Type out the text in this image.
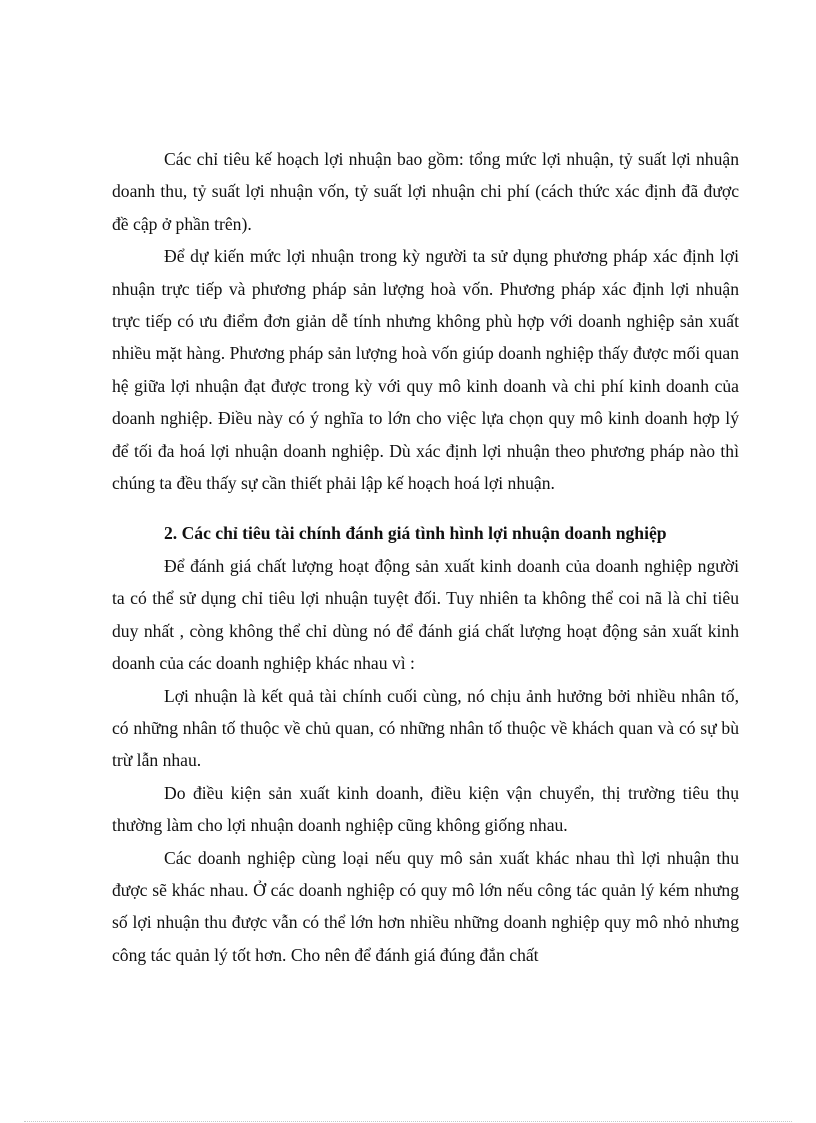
Các chỉ tiêu kế hoạch lợi nhuận bao gồm: tổng mức lợi nhuận, tỷ suất lợi nhuận doanh thu, tỷ suất lợi nhuận vốn, tỷ suất lợi nhuận chi phí (cách thức xác định đã được đề cập ở phần trên).

Để dự kiến mức lợi nhuận trong kỳ người ta sử dụng phương pháp xác định lợi nhuận trực tiếp và phương pháp sản lượng hoà vốn. Phương pháp xác định lợi nhuận trực tiếp có ưu điểm đơn giản dễ tính nhưng không phù hợp với doanh nghiệp sản xuất nhiều mặt hàng. Phương pháp sản lượng hoà vốn giúp doanh nghiệp thấy được mối quan hệ giữa lợi nhuận đạt được trong kỳ với quy mô kinh doanh và chi phí kinh doanh của doanh nghiệp. Điều này có ý nghĩa to lớn cho việc lựa chọn quy mô kinh doanh hợp lý để tối đa hoá lợi nhuận doanh nghiệp. Dù xác định lợi nhuận theo phương pháp nào thì chúng ta đều thấy sự cần thiết phải lập kế hoạch hoá lợi nhuận.

2. Các chỉ tiêu tài chính đánh giá tình hình lợi nhuận doanh nghiệp

Để đánh giá chất lượng hoạt động sản xuất kinh doanh của doanh nghiệp người ta có thể sử dụng chỉ tiêu lợi nhuận tuyệt đối. Tuy nhiên ta không thể coi nã là chỉ tiêu duy nhất , còng không thể chỉ dùng nó để đánh giá chất lượng hoạt động sản xuất kinh doanh của các doanh nghiệp khác nhau vì :

Lợi nhuận là kết quả tài chính cuối cùng, nó chịu ảnh hưởng bởi nhiều nhân tố, có những nhân tố thuộc về chủ quan, có những nhân tố thuộc về khách quan và có sự bù trừ lẫn nhau.

Do điều kiện sản xuất kinh doanh, điều kiện vận chuyển, thị trường tiêu thụ thường làm cho lợi nhuận doanh nghiệp cũng không giống nhau.

Các doanh nghiệp cùng loại nếu quy mô sản xuất khác nhau thì lợi nhuận thu được sẽ khác nhau. Ở các doanh nghiệp có quy mô lớn nếu công tác quản lý kém nhưng số lợi nhuận thu được vẫn có thể lớn hơn nhiều những doanh nghiệp quy mô nhỏ nhưng công tác quản lý tốt hơn. Cho nên để đánh giá đúng đắn chất
